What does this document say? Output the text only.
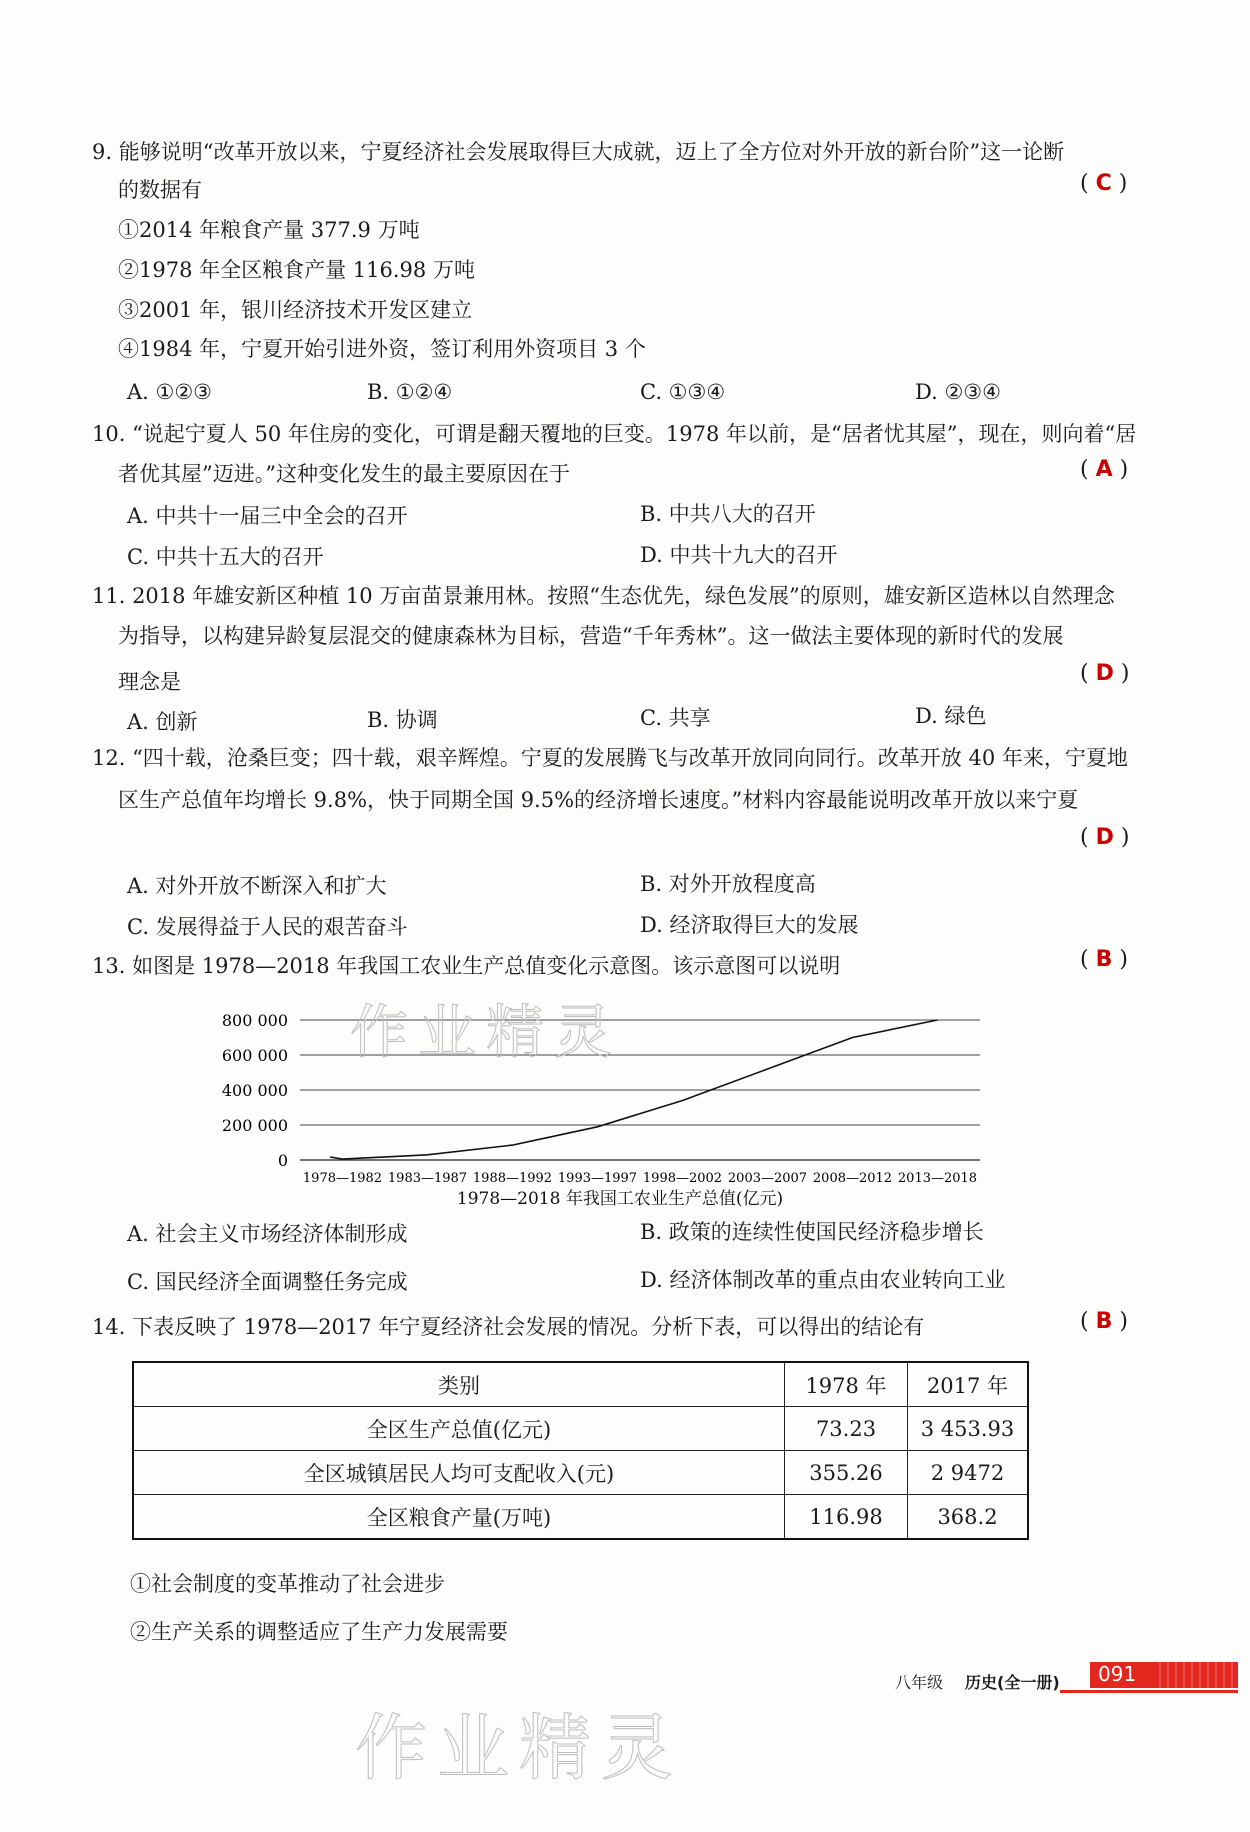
9. 能够说明“改革开放以来，宁夏经济社会发展取得巨大成就，迈上了全方位对外开放的新台阶”这一论断
的数据有	( C )
①2014 年粮食产量 377.9 万吨
②1978 年全区粮食产量 116.98 万吨
③2001 年，银川经济技术开发区建立
④1984 年，宁夏开始引进外资，签订利用外资项目 3 个
A. ①②③	B. ①②④	C. ①③④	D. ②③④
10. “说起宁夏人 50 年住房的变化，可谓是翻天覆地的巨变。1978 年以前，是“居者忧其屋”，现在，则向着“居
者优其屋”迈进。”这种变化发生的最主要原因在于	( A )
A. 中共十一届三中全会的召开	B. 中共八大的召开
C. 中共十五大的召开	D. 中共十九大的召开
11. 2018 年雄安新区种植 10 万亩苗景兼用林。按照“生态优先，绿色发展”的原则，雄安新区造林以自然理念
为指导，以构建异龄复层混交的健康森林为目标，营造“千年秀林”。这一做法主要体现的新时代的发展
理念是	( D )
A. 创新	B. 协调	C. 共享	D. 绿色
12. “四十载，沧桑巨变；四十载，艰辛辉煌。宁夏的发展腾飞与改革开放同向同行。改革开放 40 年来，宁夏地
区生产总值年均增长 9.8%，快于同期全国 9.5%的经济增长速度。”材料内容最能说明改革开放以来宁夏
( D )
A. 对外开放不断深入和扩大	B. 对外开放程度高
C. 发展得益于人民的艰苦奋斗	D. 经济取得巨大的发展
13. 如图是 1978—2018 年我国工农业生产总值变化示意图。该示意图可以说明	( B )
800 000
600 000
400 000
200 000
0
1978—1982 1983—1987 1988—1992 1993—1997 1998—2002 2003—2007 2008—2012 2013—2018
1978—2018 年我国工农业生产总值(亿元)
A. 社会主义市场经济体制形成	B. 政策的连续性使国民经济稳步增长
C. 国民经济全面调整任务完成	D. 经济体制改革的重点由农业转向工业
14. 下表反映了 1978—2017 年宁夏经济社会发展的情况。分析下表，可以得出的结论有	( B )
类别	1978 年	2017 年
全区生产总值(亿元)	73.23	3 453.93
全区城镇居民人均可支配收入(元)	355.26	2 9472
全区粮食产量(万吨)	116.98	368.2
①社会制度的变革推动了社会进步
②生产关系的调整适应了生产力发展需要
作业精灵
作业精灵
八年级 历史(全一册) 091
